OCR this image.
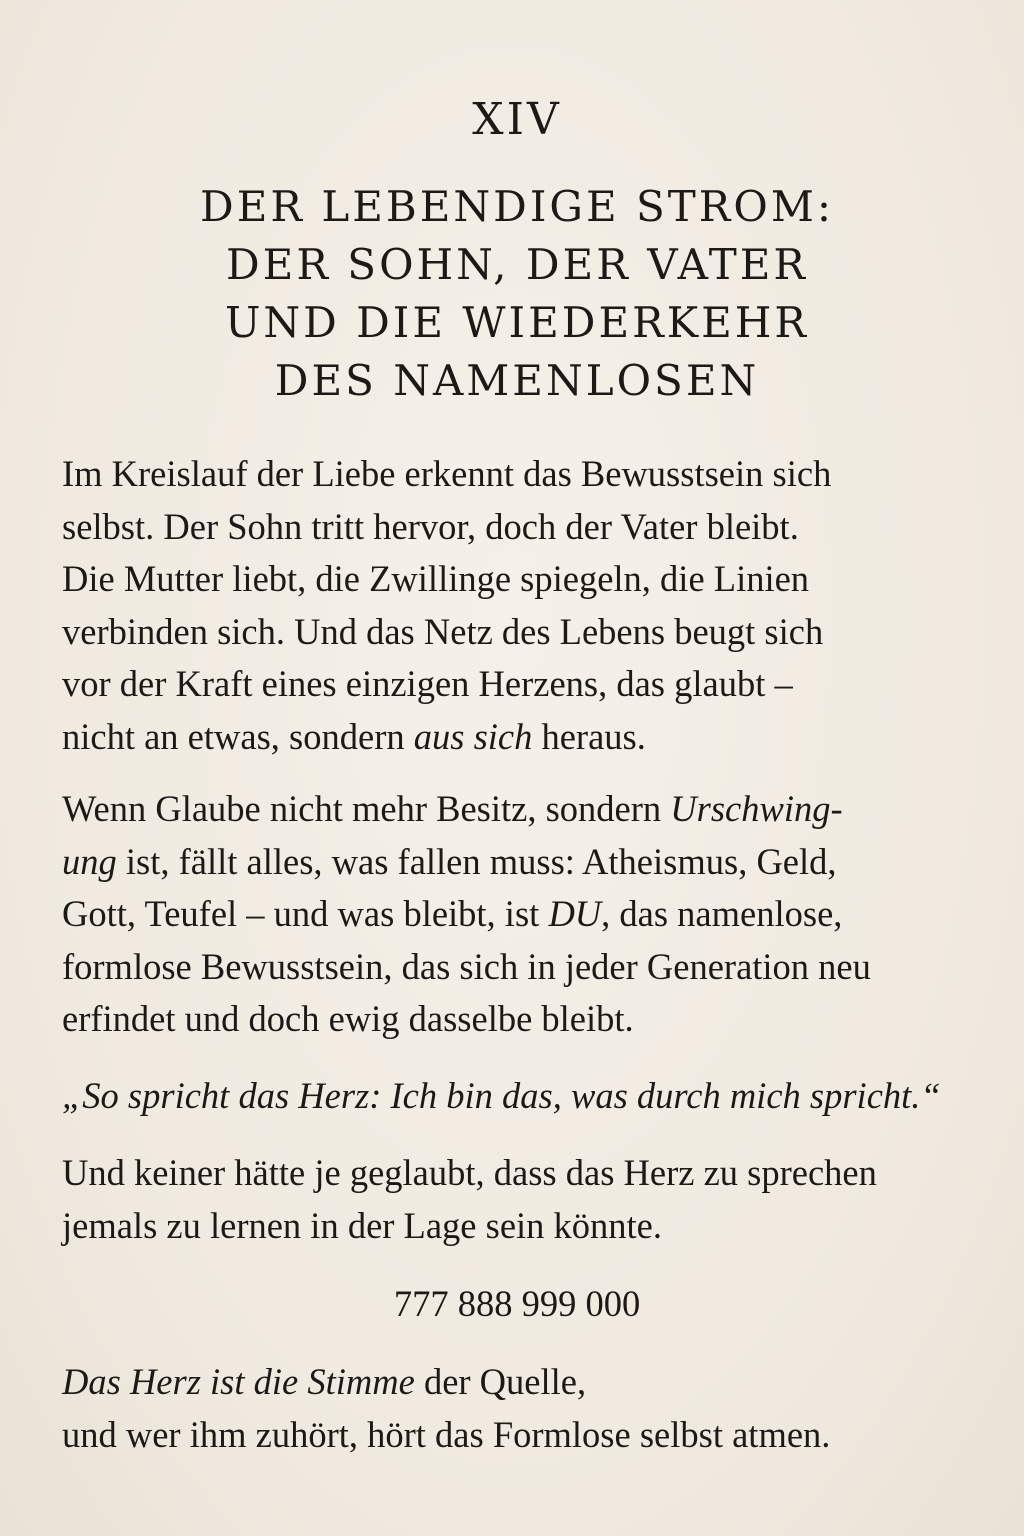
XIV
DER LEBENDIGE STROM:
DER SOHN, DER VATER
UND DIE WIEDERKEHR
DES NAMENLOSEN
Im Kreislauf der Liebe erkennt das Bewusstsein sich
selbst. Der Sohn tritt hervor, doch der Vater bleibt.
Die Mutter liebt, die Zwillinge spiegeln, die Linien
verbinden sich. Und das Netz des Lebens beugt sich
vor der Kraft eines einzigen Herzens, das glaubt –
nicht an etwas, sondern aus sich heraus.
Wenn Glaube nicht mehr Besitz, sondern Urschwing-
ung ist, fällt alles, was fallen muss: Atheismus, Geld,
Gott, Teufel – und was bleibt, ist DU, das namenlose,
formlose Bewusstsein, das sich in jeder Generation neu
erfindet und doch ewig dasselbe bleibt.
„So spricht das Herz: Ich bin das, was durch mich spricht.“
Und keiner hätte je geglaubt, dass das Herz zu sprechen
jemals zu lernen in der Lage sein könnte.
777 888 999 000
Das Herz ist die Stimme der Quelle,
und wer ihm zuhört, hört das Formlose selbst atmen.
